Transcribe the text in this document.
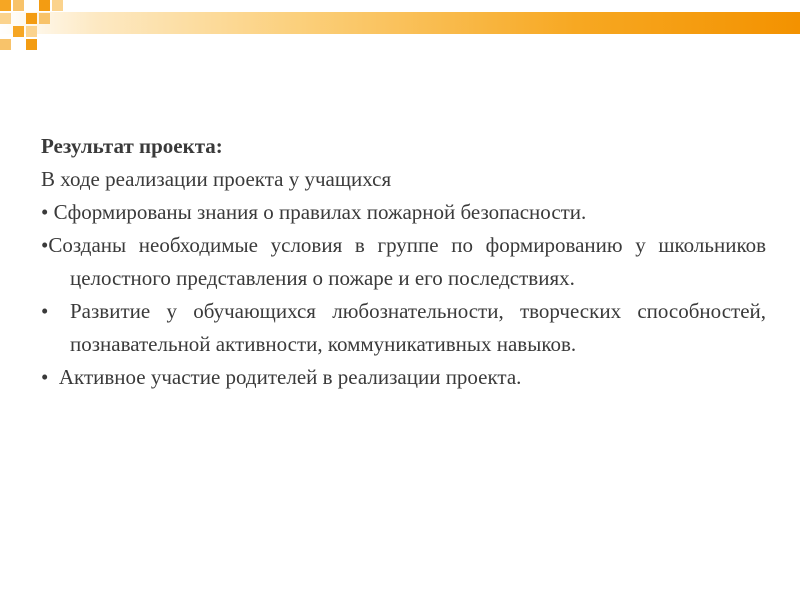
Результат проекта:

В ходе реализации проекта у учащихся

• Сформированы знания о правилах пожарной безопасности.

•Созданы необходимые условия в группе по формированию у школьников целостного представления о пожаре и его последствиях.

• Развитие у обучающихся любознательности, творческих способностей, познавательной активности, коммуникативных навыков.

• Активное участие родителей в реализации проекта.
